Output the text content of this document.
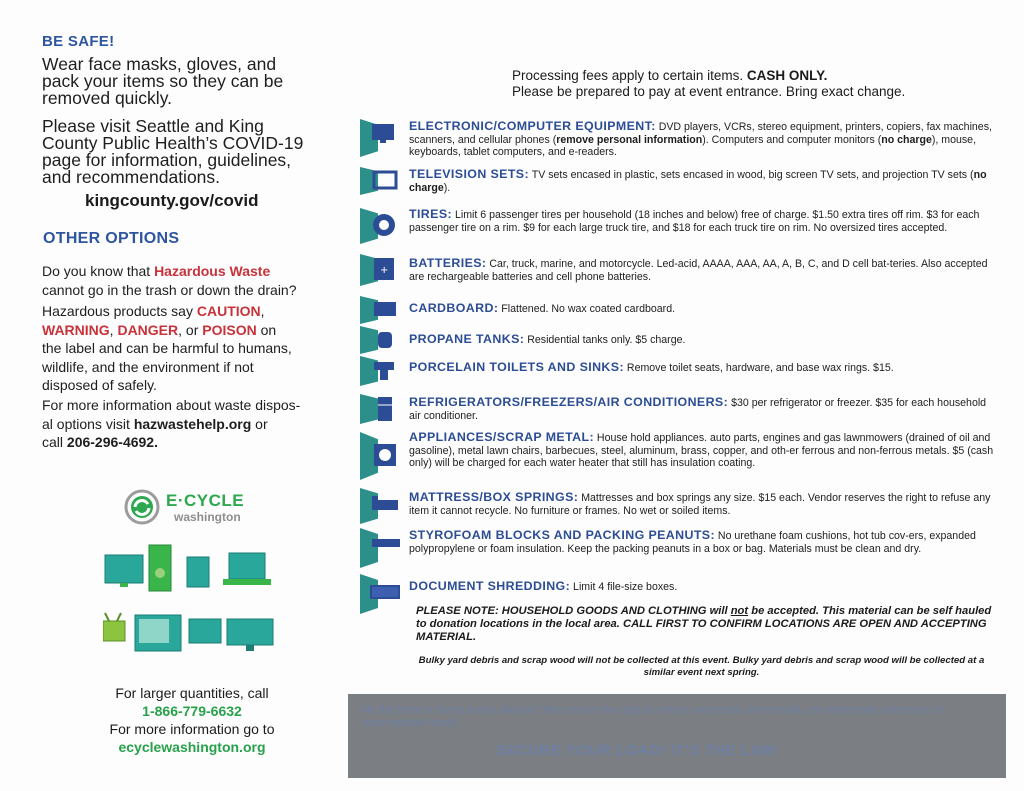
BE SAFE!
Wear face masks, gloves, and
pack your items so they can be
removed quickly.
Please visit Seattle and King
County Public Health’s COVID-19
page for information, guidelines,
and recommendations.
kingcounty.gov/covid
OTHER OPTIONS
Do you know that Hazardous Waste
cannot go in the trash or down the drain?
Hazardous products say CAUTION,
WARNING, DANGER, or POISON on
the label and can be harmful to humans,
wildlife, and the environment if not
disposed of safely.
For more information about waste dispos-
al options visit hazwastehelp.org or
call 206-296-4692.
E·CYCLE
washington
For larger quantities, call
1-866-779-6632
For more information go to
ecyclewashington.org
Processing fees apply to certain items. CASH ONLY.
Please be prepared to pay at event entrance. Bring exact change.
+
ELECTRONIC/COMPUTER EQUIPMENT: DVD players, VCRs, stereo equipment, printers, copiers, fax machines, scanners, and cellular phones (remove personal information). Computers and computer monitors (no charge), mouse, keyboards, tablet computers, and e-readers.
TELEVISION SETS: TV sets encased in plastic, sets encased in wood, big screen TV sets, and projection TV sets (no charge).
TIRES: Limit 6 passenger tires per household (18 inches and below) free of charge. $1.50 extra tires off rim. $3 for each passenger tire on a rim. $9 for each large truck tire, and $18 for each truck tire on rim. No oversized tires accepted.
BATTERIES: Car, truck, marine, and motorcycle. Led-acid, AAAA, AAA, AA, A, B, C, and D cell bat-teries. Also accepted are rechargeable batteries and cell phone batteries.
CARDBOARD: Flattened. No wax coated cardboard.
PROPANE TANKS: Residential tanks only. $5 charge.
PORCELAIN TOILETS AND SINKS: Remove toilet seats, hardware, and base wax rings. $15.
REFRIGERATORS/FREEZERS/AIR CONDITIONERS: $30 per refrigerator or freezer. $35 for each household air conditioner.
APPLIANCES/SCRAP METAL: House hold appliances. auto parts, engines and gas lawnmowers (drained of oil and gasoline), metal lawn chairs, barbecues, steel, aluminum, brass, copper, and oth-er ferrous and non-ferrous metals. $5 (cash only) will be charged for each water heater that still has insulation coating.
MATTRESS/BOX SPRINGS: Mattresses and box springs any size. $15 each. Vendor reserves the right to refuse any item it cannot recycle. No furniture or frames. No wet or soiled items.
STYROFOAM BLOCKS AND PACKING PEANUTS: No urethane foam cushions, hot tub cov-ers, expanded polypropylene or foam insulation. Keep the packing peanuts in a box or bag. Materials must be clean and dry.
DOCUMENT SHREDDING: Limit 4 file-size boxes.
PLEASE NOTE: HOUSEHOLD GOODS AND CLOTHING will not be accepted. This material can be self hauled to donation locations in the local area. CALL FIRST TO CONFIRM LOCATIONS ARE OPEN AND ACCEPTING MATERIAL.
Bulky yard debris and scrap wood will not be collected at this event. Bulky yard debris and scrap wood will be collected at a similar event next spring.
No flat beds or dump trucks allowed. We reserve the right to refuse oversized, commercial, con-taminated, excessive or unacceptable loads.
SECURE YOUR LOAD! IT’S THE LAW
